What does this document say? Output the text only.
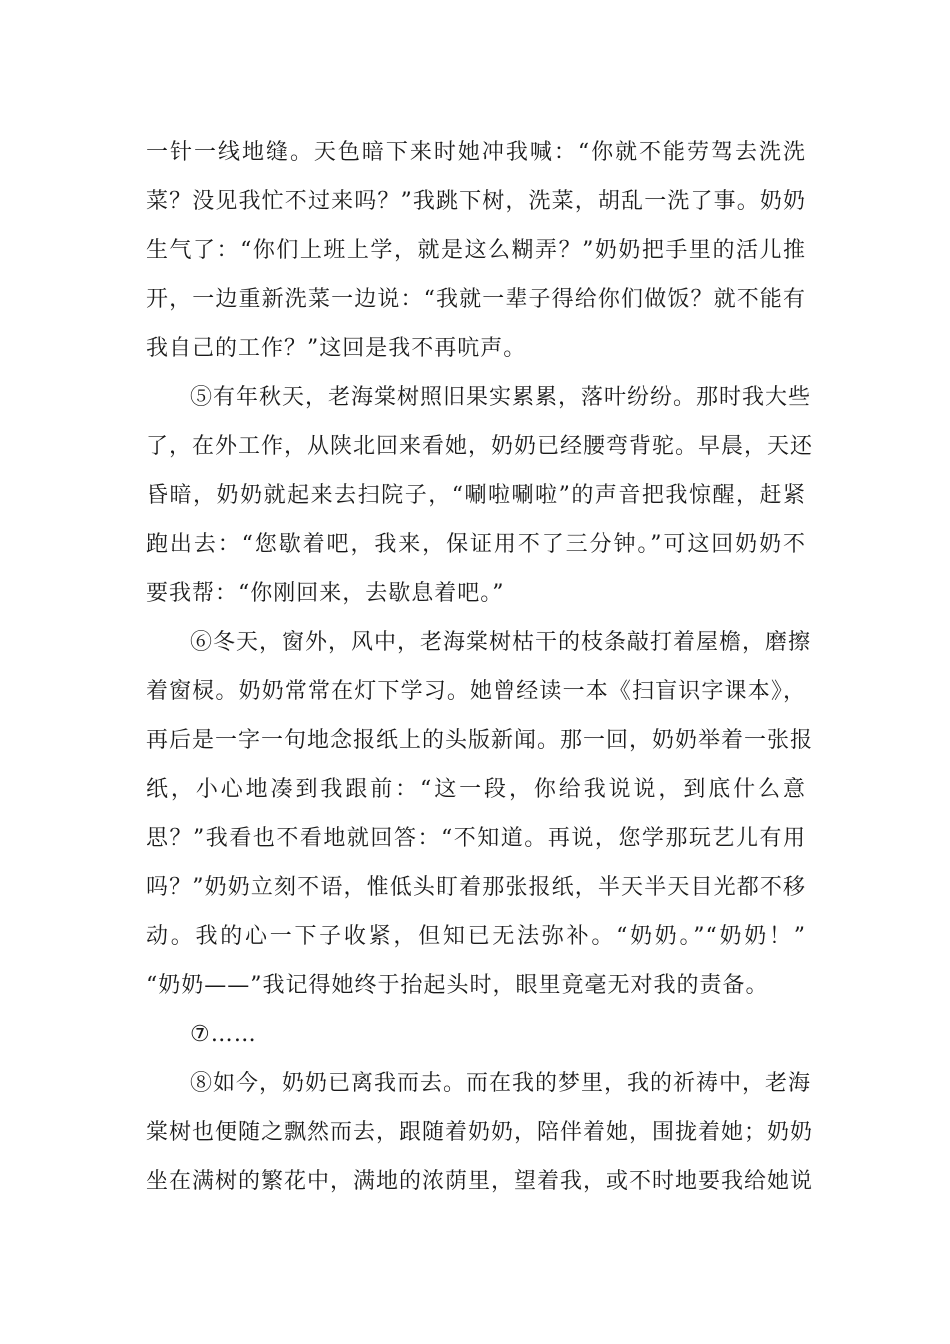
一针一线地缝。天色暗下来时她冲我喊：“你就不能劳驾去洗洗
菜？没见我忙不过来吗？”我跳下树，洗菜，胡乱一洗了事。奶奶
生气了：“你们上班上学，就是这么糊弄？”奶奶把手里的活儿推
开，一边重新洗菜一边说：“我就一辈子得给你们做饭？就不能有
我自己的工作？”这回是我不再吭声。
⑤有年秋天，老海棠树照旧果实累累，落叶纷纷。那时我大些
了，在外工作，从陕北回来看她，奶奶已经腰弯背驼。早晨，天还
昏暗，奶奶就起来去扫院子，“唰啦唰啦”的声音把我惊醒，赶紧
跑出去：“您歇着吧，我来，保证用不了三分钟。”可这回奶奶不
要我帮：“你刚回来，去歇息着吧。”
⑥冬天，窗外，风中，老海棠树枯干的枝条敲打着屋檐，磨擦
着窗棂。奶奶常常在灯下学习。她曾经读一本《扫盲识字课本》，
再后是一字一句地念报纸上的头版新闻。那一回，奶奶举着一张报
纸，小心地凑到我跟前：“这一段，你给我说说，到底什么意
思？”我看也不看地就回答：“不知道。再说，您学那玩艺儿有用
吗？”奶奶立刻不语，惟低头盯着那张报纸，半天半天目光都不移
动。我的心一下子收紧，但知已无法弥补。“奶奶。”“奶奶！”
“奶奶——”我记得她终于抬起头时，眼里竟毫无对我的责备。
⑦……
⑧如今，奶奶已离我而去。而在我的梦里，我的祈祷中，老海
棠树也便随之飘然而去，跟随着奶奶，陪伴着她，围拢着她；奶奶
坐在满树的繁花中，满地的浓荫里，望着我，或不时地要我给她说
